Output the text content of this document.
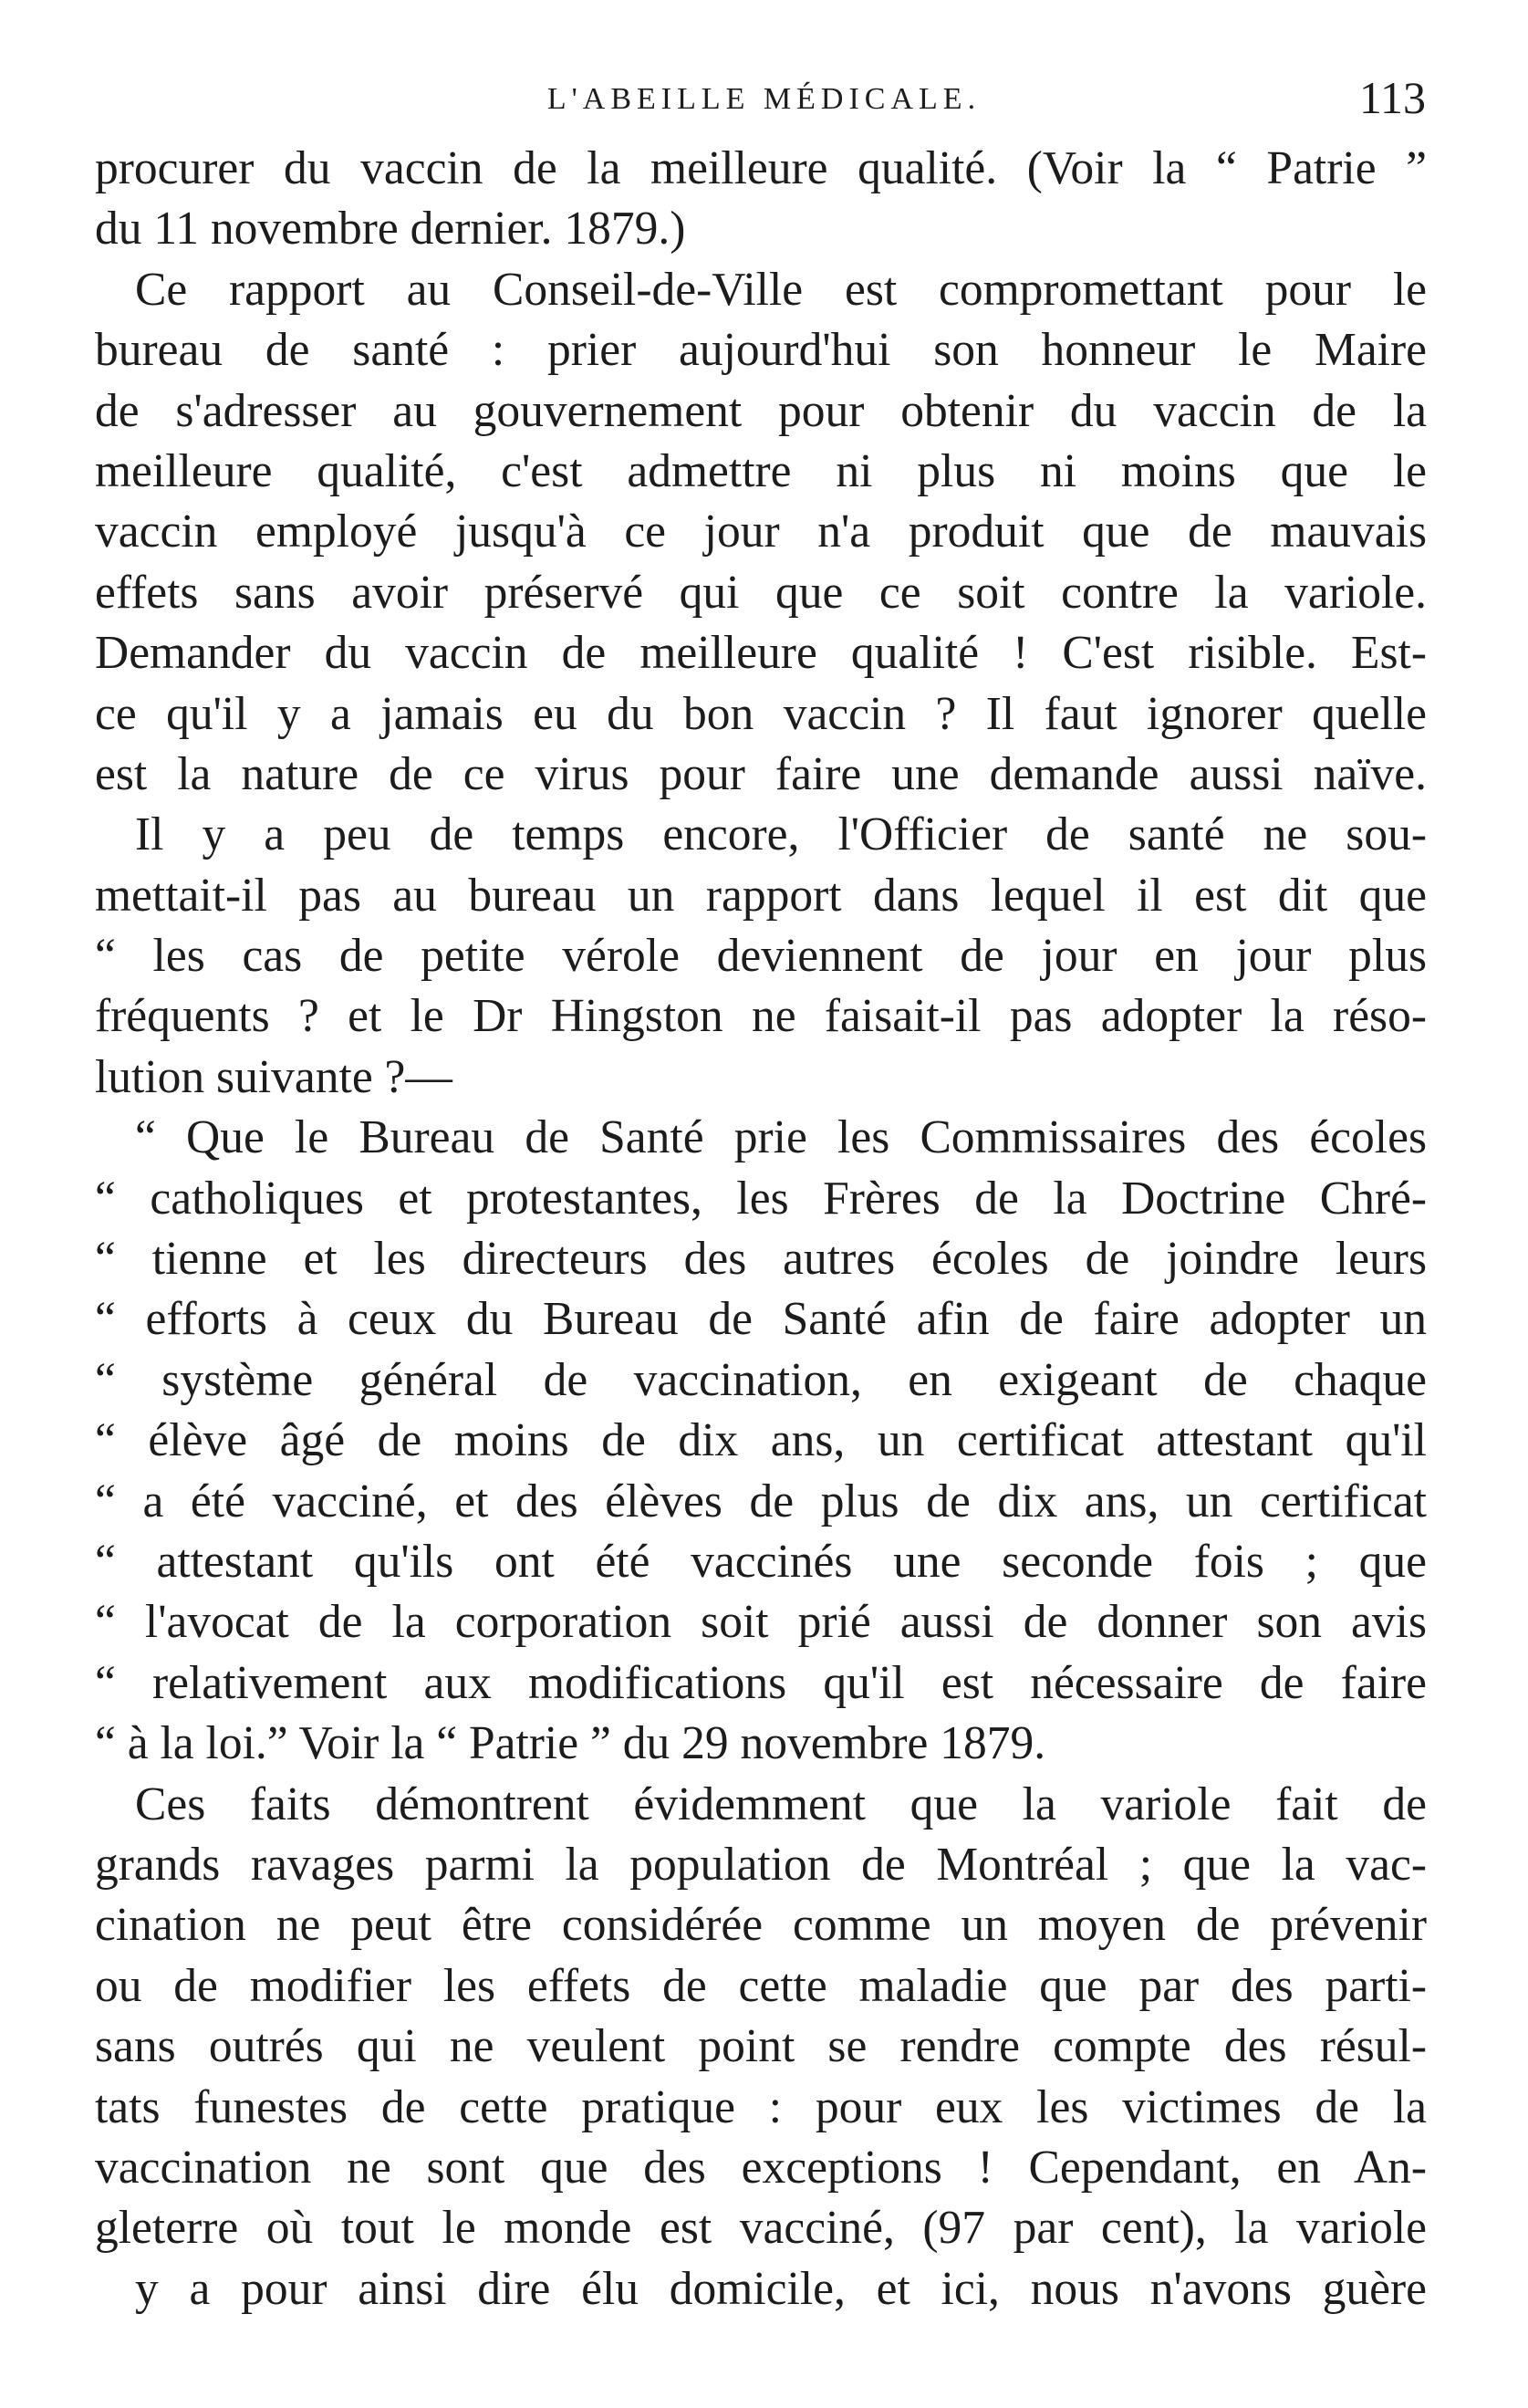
L'ABEILLE MÉDICALE.	113
procurer du vaccin de la meilleure qualité. (Voir la “ Patrie ”
du 11 novembre dernier. 1879.)
Ce rapport au Conseil-de-Ville est compromettant pour le
bureau de santé : prier aujourd'hui son honneur le Maire
de s'adresser au gouvernement pour obtenir du vaccin de la
meilleure qualité, c'est admettre ni plus ni moins que le
vaccin employé jusqu'à ce jour n'a produit que de mauvais
effets sans avoir préservé qui que ce soit contre la variole.
Demander du vaccin de meilleure qualité ! C'est risible. Est-
ce qu'il y a jamais eu du bon vaccin ? Il faut ignorer quelle
est la nature de ce virus pour faire une demande aussi naïve.
Il y a peu de temps encore, l'Officier de santé ne sou-
mettait-il pas au bureau un rapport dans lequel il est dit que
“ les cas de petite vérole deviennent de jour en jour plus
fréquents ? et le Dr Hingston ne faisait-il pas adopter la réso-
lution suivante ?—
“ Que le Bureau de Santé prie les Commissaires des écoles
“ catholiques et protestantes, les Frères de la Doctrine Chré-
“ tienne et les directeurs des autres écoles de joindre leurs
“ efforts à ceux du Bureau de Santé afin de faire adopter un
“ système général de vaccination, en exigeant de chaque
“ élève âgé de moins de dix ans, un certificat attestant qu'il
“ a été vacciné, et des élèves de plus de dix ans, un certificat
“ attestant qu'ils ont été vaccinés une seconde fois ; que
“ l'avocat de la corporation soit prié aussi de donner son avis
“ relativement aux modifications qu'il est nécessaire de faire
“ à la loi.” Voir la “ Patrie ” du 29 novembre 1879.
Ces faits démontrent évidemment que la variole fait de
grands ravages parmi la population de Montréal ; que la vac-
cination ne peut être considérée comme un moyen de prévenir
ou de modifier les effets de cette maladie que par des parti-
sans outrés qui ne veulent point se rendre compte des résul-
tats funestes de cette pratique : pour eux les victimes de la
vaccination ne sont que des exceptions ! Cependant, en An-
gleterre où tout le monde est vacciné, (97 par cent), la variole
y a pour ainsi dire élu domicile, et ici, nous n'avons guère
